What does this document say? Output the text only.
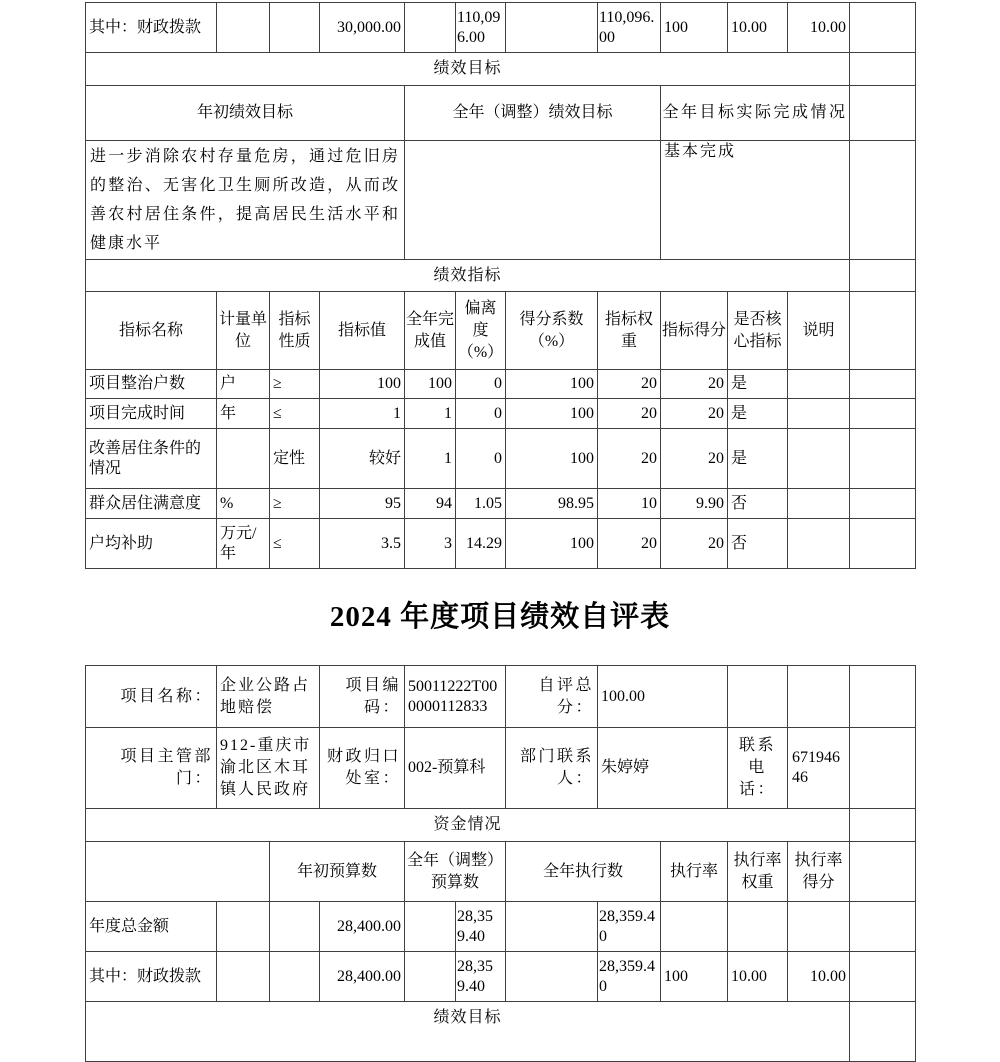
其中：财政拨款			30,000.00		110,096.00		110,096.00	100	10.00	10.00	
绩效目标											
年初绩效目标				全年（调整）绩效目标				全年目标实际完成情况			
进一步消除农村存量危房，通过危旧房的整治、无害化卫生厕所改造，从而改善农村居住条件，提高居民生活水平和健康水平								基本完成			
绩效指标											
指标名称	计量单位	指标性质	指标值	全年完成值	偏离度（%）	得分系数（%）	指标权重	指标得分	是否核心指标	说明	
项目整治户数	户	≥	100	100	0	100	20	20	是		
项目完成时间	年	≤	1	1	0	100	20	20	是		
改善居住条件的情况		定性	较好	1	0	100	20	20	是		
群众居住满意度	%	≥	95	94	1.05	98.95	10	9.90	否		
户均补助	万元/年	≤	3.5	3	14.29	100	20	20	否		
2024 年度项目绩效自评表
项目名称：	企业公路占地赔偿		项目编码：	50011222T000000112833		自评总分：	100.00				
项目主管部门：	912-重庆市渝北区木耳镇人民政府		财政归口处室：	002-预算科		部门联系人：	朱婷婷		联系电话：	67194646	
资金情况											
		年初预算数		全年（调整）预算数		全年执行数		执行率	执行率权重	执行率得分	
年度总金额			28,400.00		28,359.40		28,359.40				
其中：财政拨款			28,400.00		28,359.40		28,359.40	100	10.00	10.00	
绩效目标											
